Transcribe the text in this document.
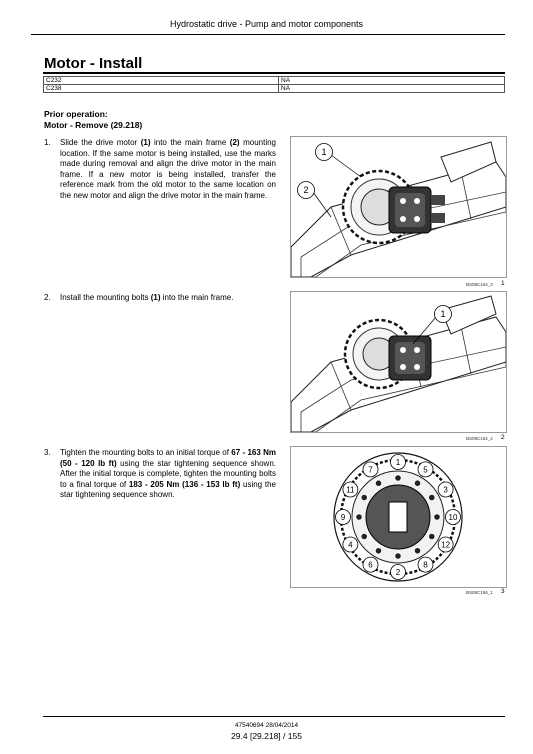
Hydrostatic drive - Pump and motor components
Motor - Install
C232	NA
C238	NA
Prior operation:
Motor - Remove (29.218)
1. Slide the drive motor (1) into the main frame (2) mounting location. If the same motor is being installed, use the marks made during removal and align the drive motor in the main frame. If a new motor is being installed, transfer the reference mark from the old motor to the same location on the new motor and align the drive motor in the main frame.
2. Install the mounting bolts (1) into the main frame.
3. Tighten the mounting bolts to an initial torque of 67 - 163 Nm (50 - 120 lb ft) using the star tightening sequence shown. After the initial torque is complete, tighten the mounting bolts to a final torque of 183 - 205 Nm (136 - 153 lb ft) using the star tightening sequence shown.
1
2
BS08C164_3 1
1
BS08C164_4 2
1
5
3
10
12
8
2
6
4
9
11
7
BS08C166_1 3
47540694 28/04/2014
29.4 [29.218] / 155
